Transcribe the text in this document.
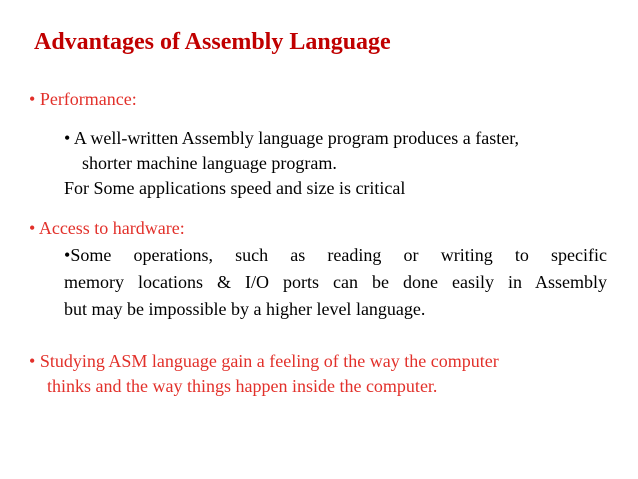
Advantages of Assembly Language
• Performance:
• A well-written Assembly language program produces a faster,
shorter machine language program.
For Some applications speed and size is critical
• Access to hardware:
•Some operations, such as reading or writing to specific
memory locations & I/O ports can be done easily in Assembly
but may be impossible by a higher level language.
• Studying ASM language gain a feeling of the way the computer
thinks and the way things happen inside the computer.
